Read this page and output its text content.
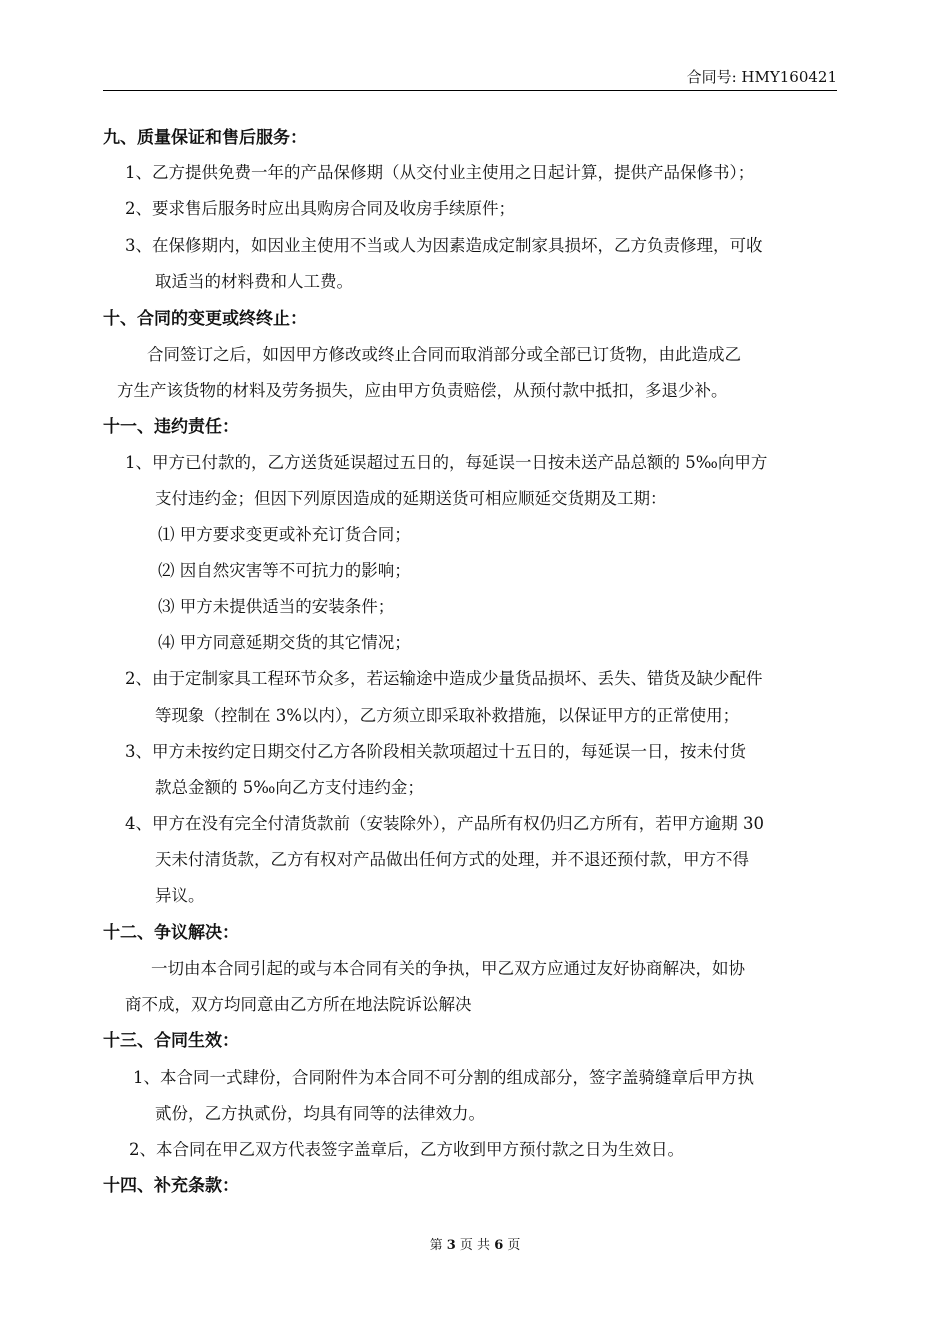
合同号: HMY160421
九、质量保证和售后服务：
1、乙方提供免费一年的产品保修期（从交付业主使用之日起计算，提供产品保修书）；
2、要求售后服务时应出具购房合同及收房手续原件；
3、在保修期内，如因业主使用不当或人为因素造成定制家具损坏，乙方负责修理，可收
取适当的材料费和人工费。
十、合同的变更或终终止：
合同签订之后，如因甲方修改或终止合同而取消部分或全部已订货物，由此造成乙
方生产该货物的材料及劳务损失，应由甲方负责赔偿，从预付款中抵扣，多退少补。
十一、违约责任：
1、甲方已付款的，乙方送货延误超过五日的，每延误一日按未送产品总额的 5‰向甲方
支付违约金；但因下列原因造成的延期送货可相应顺延交货期及工期：
⑴ 甲方要求变更或补充订货合同；
⑵ 因自然灾害等不可抗力的影响；
⑶ 甲方未提供适当的安装条件；
⑷ 甲方同意延期交货的其它情况；
2、由于定制家具工程环节众多，若运输途中造成少量货品损坏、丢失、错货及缺少配件
等现象（控制在 3%以内），乙方须立即采取补救措施，以保证甲方的正常使用；
3、甲方未按约定日期交付乙方各阶段相关款项超过十五日的，每延误一日，按未付货
款总金额的 5‰向乙方支付违约金；
4、甲方在没有完全付清货款前（安装除外），产品所有权仍归乙方所有，若甲方逾期 30
天未付清货款，乙方有权对产品做出任何方式的处理，并不退还预付款，甲方不得
异议。
十二、争议解决：
一切由本合同引起的或与本合同有关的争执，甲乙双方应通过友好协商解决，如协
商不成，双方均同意由乙方所在地法院诉讼解决
十三、合同生效：
1、本合同一式肆份，合同附件为本合同不可分割的组成部分，签字盖骑缝章后甲方执
贰份，乙方执贰份，均具有同等的法律效力。
2、本合同在甲乙双方代表签字盖章后，乙方收到甲方预付款之日为生效日。
十四、补充条款：
第 3 页 共 6 页
